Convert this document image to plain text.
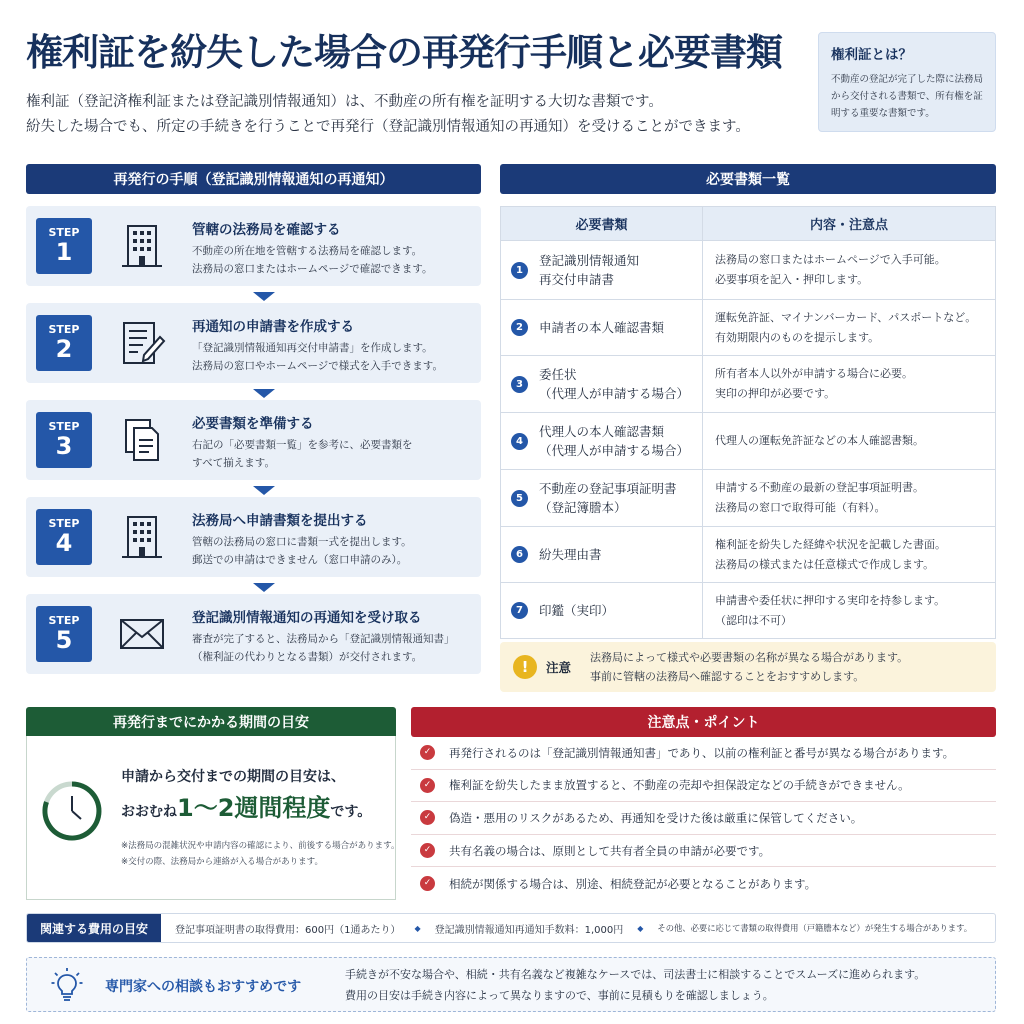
権利証を紛失した場合の再発行手順と必要書類
権利証（登記済権利証または登記識別情報通知）は、不動産の所有権を証明する大切な書類です。
紛失した場合でも、所定の手続きを行うことで再発行（登記識別情報通知の再通知）を受けることができます。
権利証とは？
不動産の登記が完了した際に法務局から交付される書類で、所有権を証明する重要な書類です。
再発行の手順（登記識別情報通知の再通知）
STEP
1
管轄の法務局を確認する
不動産の所在地を管轄する法務局を確認します。
法務局の窓口またはホームページで確認できます。
STEP
2
再通知の申請書を作成する
「登記識別情報通知再交付申請書」を作成します。
法務局の窓口やホームページで様式を入手できます。
STEP
3
必要書類を準備する
右記の「必要書類一覧」を参考に、必要書類を
すべて揃えます。
STEP
4
法務局へ申請書類を提出する
管轄の法務局の窓口に書類一式を提出します。
郵送での申請はできません（窓口申請のみ）。
STEP
5
登記識別情報通知の再通知を受け取る
審査が完了すると、法務局から「登記識別情報通知書」
（権利証の代わりとなる書類）が交付されます。
必要書類一覧
必要書類	内容・注意点

1
登記識別情報通知
再交付申請書	法務局の窓口またはホームページで入手可能。
必要事項を記入・押印します。

2 申請者の本人確認書類	運転免許証、マイナンバーカード、パスポートなど。
有効期限内のものを提示します。

3
委任状
（代理人が申請する場合）	所有者本人以外が申請する場合に必要。
実印の押印が必要です。

4
代理人の本人確認書類
（代理人が申請する場合）	代理人の運転免許証などの本人確認書類。

5
不動産の登記事項証明書
（登記簿謄本）	申請する不動産の最新の登記事項証明書。
法務局の窓口で取得可能（有料）。

6 紛失理由書	権利証を紛失した経緯や状況を記載した書面。
法務局の様式または任意様式で作成します。

7 印鑑（実印）	申請書や委任状に押印する実印を持参します。
（認印は不可）
!	注意
法務局によって様式や必要書類の名称が異なる場合があります。
事前に管轄の法務局へ確認することをおすすめします。
再発行までにかかる期間の目安
申請から交付までの期間の目安は、
おおむね1〜2週間程度です。
※法務局の混雑状況や申請内容の確認により、前後する場合があります。
※交付の際、法務局から連絡が入る場合があります。
注意点・ポイント
✓	再発行されるのは「登記識別情報通知書」であり、以前の権利証と番号が異なる場合があります。
✓	権利証を紛失したまま放置すると、不動産の売却や担保設定などの手続きができません。
✓	偽造・悪用のリスクがあるため、再通知を受けた後は厳重に保管してください。
✓	共有名義の場合は、原則として共有者全員の申請が必要です。
✓	相続が関係する場合は、別途、相続登記が必要となることがあります。
関連する費用の目安	登記事項証明書の取得費用：600円（1通あたり）	◆	登記識別情報通知再通知手数料：1,000円	◆	その他、必要に応じて書類の取得費用（戸籍謄本など）が発生する場合があります。
専門家への相談もおすすめです
手続きが不安な場合や、相続・共有名義など複雑なケースでは、司法書士に相談することでスムーズに進められます。
費用の目安は手続き内容によって異なりますので、事前に見積もりを確認しましょう。
